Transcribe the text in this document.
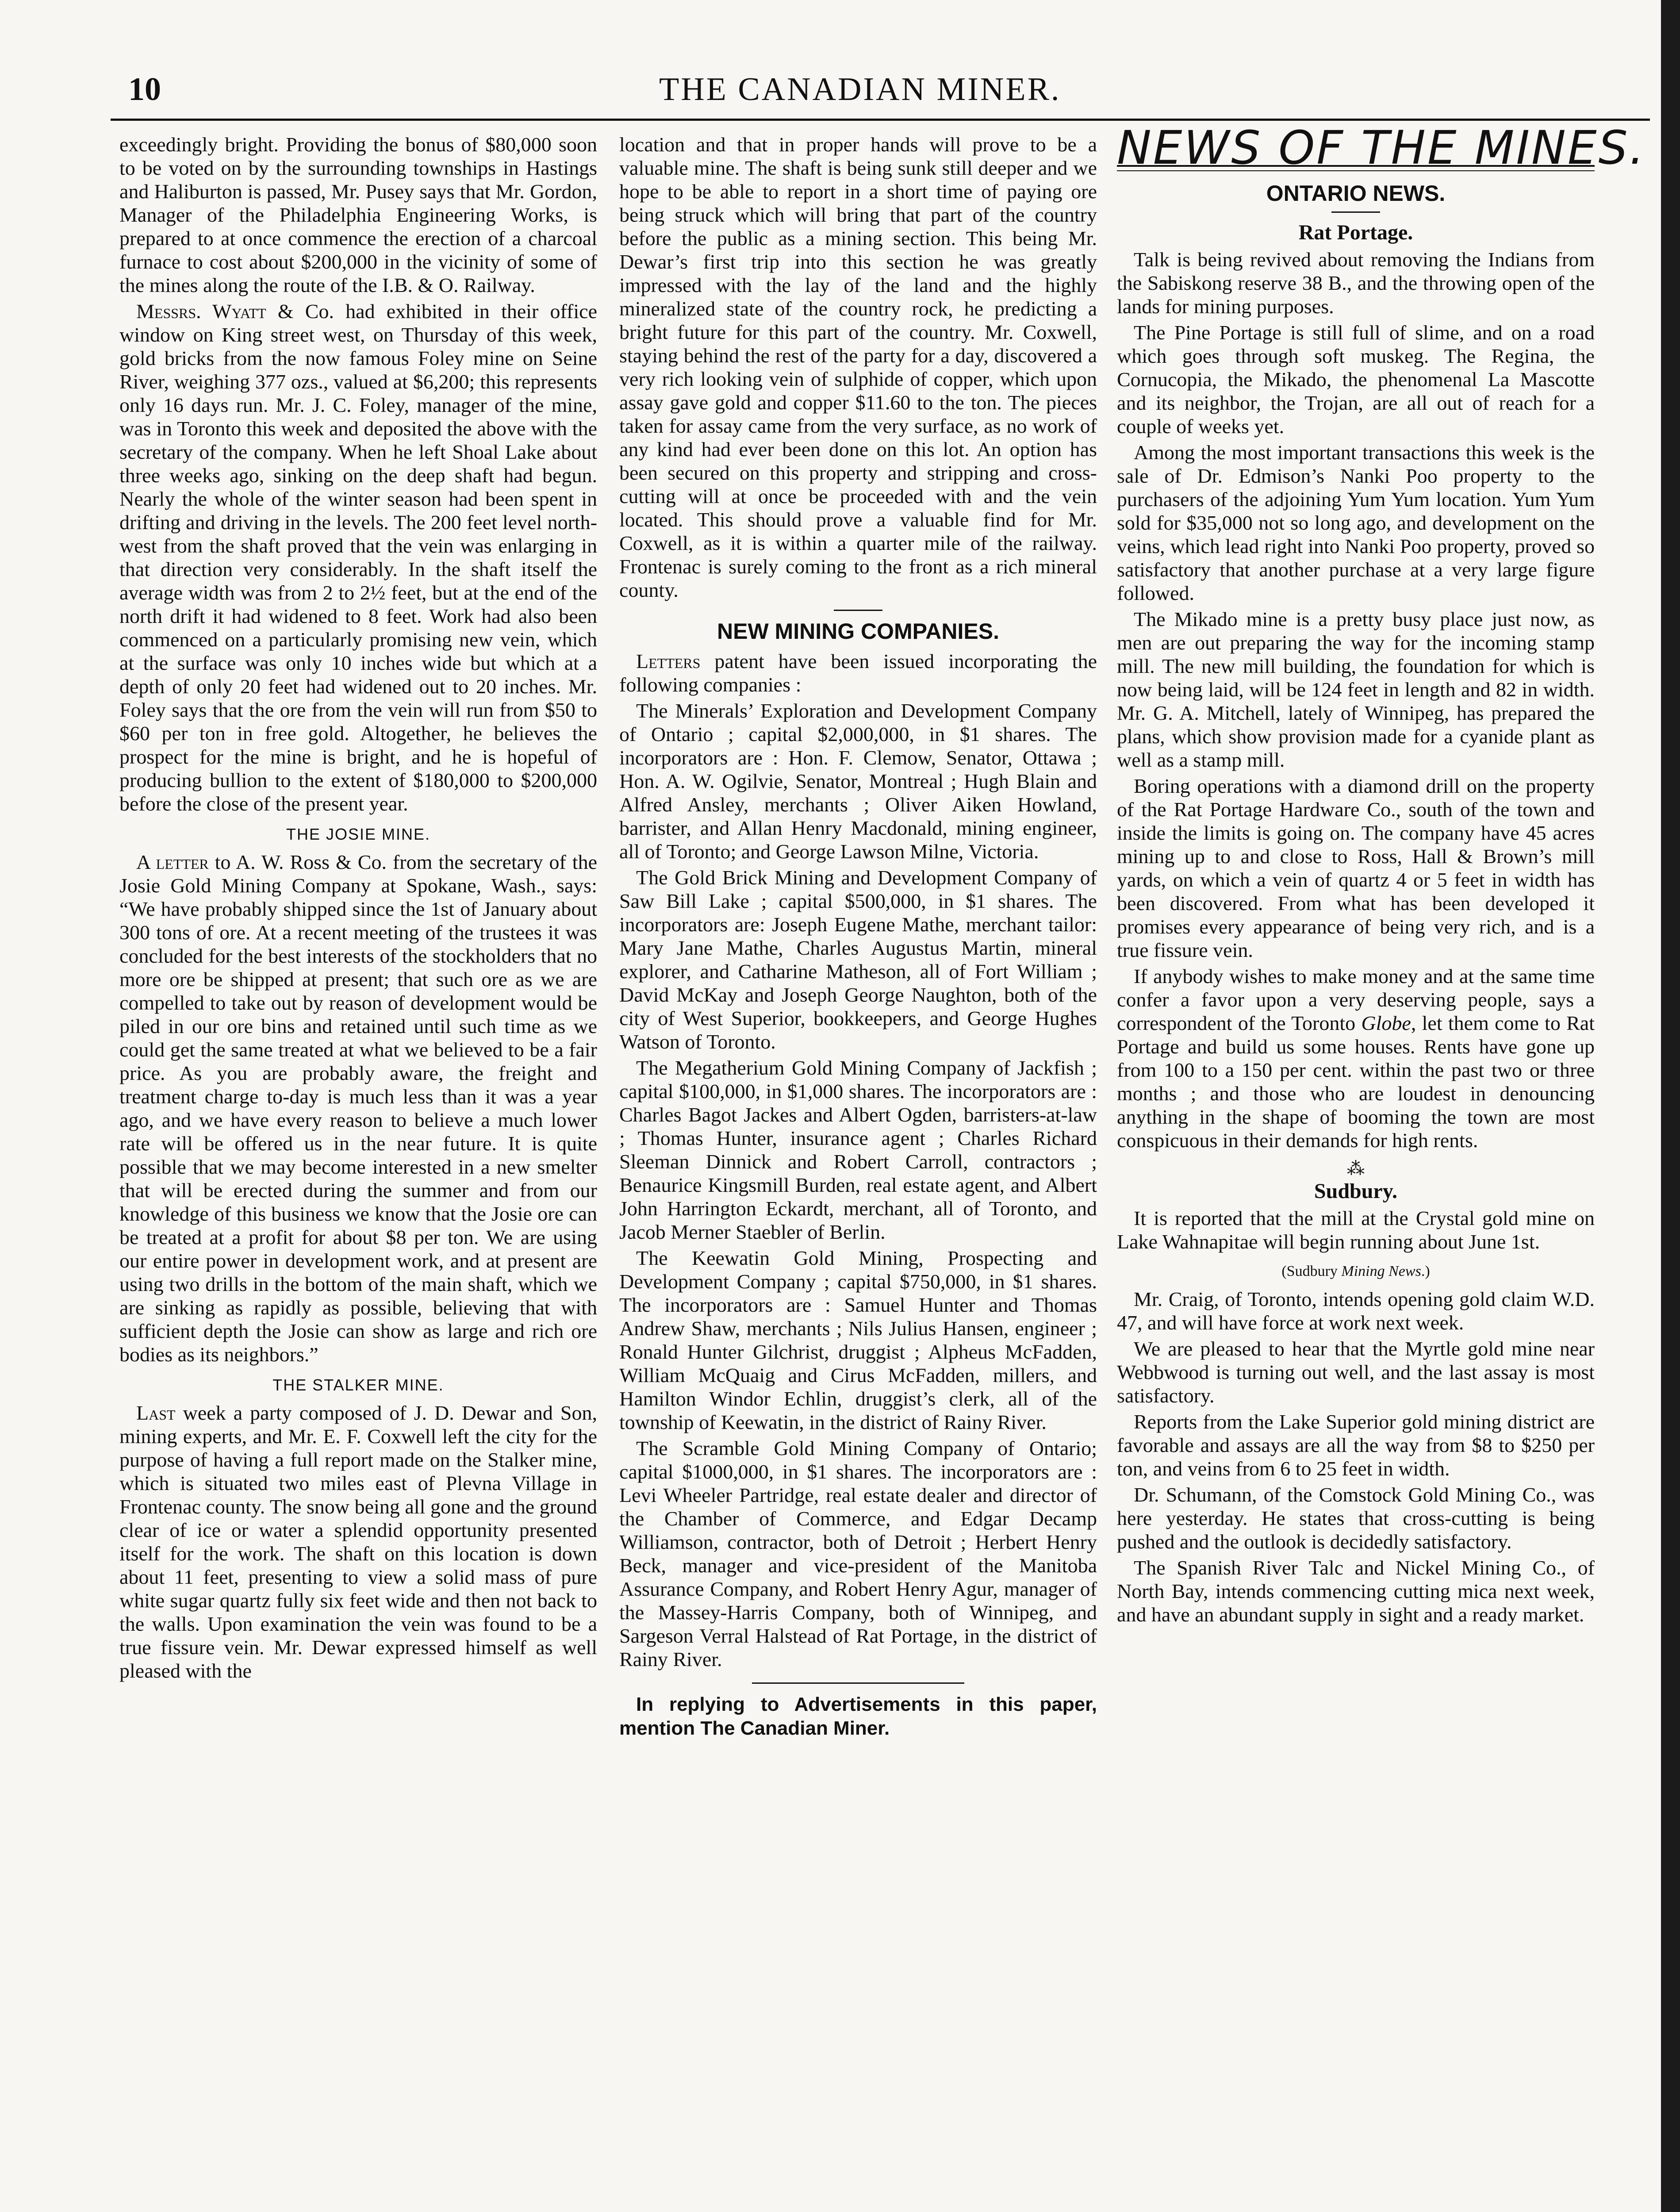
10	THE CANADIAN MINER.

exceedingly bright. Providing the bonus of $80,000 soon to be voted on by the surrounding townships in Hastings and Haliburton is passed, Mr. Pusey says that Mr. Gordon, Manager of the Philadelphia Engineering Works, is prepared to at once commence the erection of a charcoal furnace to cost about $200,000 in the vicinity of some of the mines along the route of the I.B. & O. Railway.

Messrs. Wyatt & Co. had exhibited in their office window on King street west, on Thursday of this week, gold bricks from the now famous Foley mine on Seine River, weighing 377 ozs., valued at $6,200; this represents only 16 days run. Mr. J. C. Foley, manager of the mine, was in Toronto this week and deposited the above with the secretary of the company. When he left Shoal Lake about three weeks ago, sinking on the deep shaft had begun. Nearly the whole of the winter season had been spent in drifting and driving in the levels. The 200 feet level north-west from the shaft proved that the vein was enlarging in that direction very considerably. In the shaft itself the average width was from 2 to 2½ feet, but at the end of the north drift it had widened to 8 feet. Work had also been commenced on a particularly promising new vein, which at the surface was only 10 inches wide but which at a depth of only 20 feet had widened out to 20 inches. Mr. Foley says that the ore from the vein will run from $50 to $60 per ton in free gold. Altogether, he believes the prospect for the mine is bright, and he is hopeful of producing bullion to the extent of $180,000 to $200,000 before the close of the present year.

THE JOSIE MINE.

A letter to A. W. Ross & Co. from the secretary of the Josie Gold Mining Company at Spokane, Wash., says: “We have probably shipped since the 1st of January about 300 tons of ore. At a recent meeting of the trustees it was concluded for the best interests of the stockholders that no more ore be shipped at present; that such ore as we are compelled to take out by reason of development would be piled in our ore bins and retained until such time as we could get the same treated at what we believed to be a fair price. As you are probably aware, the freight and treatment charge to-day is much less than it was a year ago, and we have every reason to believe a much lower rate will be offered us in the near future. It is quite possible that we may become interested in a new smelter that will be erected during the summer and from our knowledge of this business we know that the Josie ore can be treated at a profit for about $8 per ton. We are using our entire power in development work, and at present are using two drills in the bottom of the main shaft, which we are sinking as rapidly as possible, believing that with sufficient depth the Josie can show as large and rich ore bodies as its neighbors.”

THE STALKER MINE.

Last week a party composed of J. D. Dewar and Son, mining experts, and Mr. E. F. Coxwell left the city for the purpose of having a full report made on the Stalker mine, which is situated two miles east of Plevna Village in Frontenac county. The snow being all gone and the ground clear of ice or water a splendid opportunity presented itself for the work. The shaft on this location is down about 11 feet, presenting to view a solid mass of pure white sugar quartz fully six feet wide and then not back to the walls. Upon examination the vein was found to be a true fissure vein. Mr. Dewar expressed himself as well pleased with the

location and that in proper hands will prove to be a valuable mine. The shaft is being sunk still deeper and we hope to be able to report in a short time of paying ore being struck which will bring that part of the country before the public as a mining section. This being Mr. Dewar’s first trip into this section he was greatly impressed with the lay of the land and the highly mineralized state of the country rock, he predicting a bright future for this part of the country. Mr. Coxwell, staying behind the rest of the party for a day, discovered a very rich looking vein of sulphide of copper, which upon assay gave gold and copper $11.60 to the ton. The pieces taken for assay came from the very surface, as no work of any kind had ever been done on this lot. An option has been secured on this property and stripping and cross-cutting will at once be proceeded with and the vein located. This should prove a valuable find for Mr. Coxwell, as it is within a quarter mile of the railway. Frontenac is surely coming to the front as a rich mineral county.

NEW MINING COMPANIES.

Letters patent have been issued incorporating the following companies :

The Minerals’ Exploration and Development Company of Ontario ; capital $2,000,000, in $1 shares. The incorporators are : Hon. F. Clemow, Senator, Ottawa ; Hon. A. W. Ogilvie, Senator, Montreal ; Hugh Blain and Alfred Ansley, merchants ; Oliver Aiken Howland, barrister, and Allan Henry Macdonald, mining engineer, all of Toronto; and George Lawson Milne, Victoria.

The Gold Brick Mining and Development Company of Saw Bill Lake ; capital $500,000, in $1 shares. The incorporators are: Joseph Eugene Mathe, merchant tailor: Mary Jane Mathe, Charles Augustus Martin, mineral explorer, and Catharine Matheson, all of Fort William ; David McKay and Joseph George Naughton, both of the city of West Superior, bookkeepers, and George Hughes Watson of Toronto.

The Megatherium Gold Mining Company of Jackfish ; capital $100,000, in $1,000 shares. The incorporators are : Charles Bagot Jackes and Albert Ogden, barristers-at-law ; Thomas Hunter, insurance agent ; Charles Richard Sleeman Dinnick and Robert Carroll, contractors ; Benaurice Kingsmill Burden, real estate agent, and Albert John Harrington Eckardt, merchant, all of Toronto, and Jacob Merner Staebler of Berlin.

The Keewatin Gold Mining, Prospecting and Development Company ; capital $750,000, in $1 shares. The incorporators are : Samuel Hunter and Thomas Andrew Shaw, merchants ; Nils Julius Hansen, engineer ; Ronald Hunter Gilchrist, druggist ; Alpheus McFadden, William McQuaig and Cirus McFadden, millers, and Hamilton Windor Echlin, druggist’s clerk, all of the township of Keewatin, in the district of Rainy River.

The Scramble Gold Mining Company of Ontario; capital $1000,000, in $1 shares. The incorporators are : Levi Wheeler Partridge, real estate dealer and director of the Chamber of Commerce, and Edgar Decamp Williamson, contractor, both of Detroit ; Herbert Henry Beck, manager and vice-president of the Manitoba Assurance Company, and Robert Henry Agur, manager of the Massey-Harris Company, both of Winnipeg, and Sargeson Verral Halstead of Rat Portage, in the district of Rainy River.

In replying to Advertisements in this paper, mention The Canadian Miner.

NEWS OF THE MINES.
ONTARIO NEWS.
Rat Portage.

Talk is being revived about removing the Indians from the Sabiskong reserve 38 B., and the throwing open of the lands for mining purposes.

The Pine Portage is still full of slime, and on a road which goes through soft muskeg. The Regina, the Cornucopia, the Mikado, the phenomenal La Mascotte and its neighbor, the Trojan, are all out of reach for a couple of weeks yet.

Among the most important transactions this week is the sale of Dr. Edmison’s Nanki Poo property to the purchasers of the adjoining Yum Yum location. Yum Yum sold for $35,000 not so long ago, and development on the veins, which lead right into Nanki Poo property, proved so satisfactory that another purchase at a very large figure followed.

The Mikado mine is a pretty busy place just now, as men are out preparing the way for the incoming stamp mill. The new mill building, the foundation for which is now being laid, will be 124 feet in length and 82 in width. Mr. G. A. Mitchell, lately of Winnipeg, has prepared the plans, which show provision made for a cyanide plant as well as a stamp mill.

Boring operations with a diamond drill on the property of the Rat Portage Hardware Co., south of the town and inside the limits is going on. The company have 45 acres mining up to and close to Ross, Hall & Brown’s mill yards, on which a vein of quartz 4 or 5 feet in width has been discovered. From what has been developed it promises every appearance of being very rich, and is a true fissure vein.

If anybody wishes to make money and at the same time confer a favor upon a very deserving people, says a correspondent of the Toronto Globe, let them come to Rat Portage and build us some houses. Rents have gone up from 100 to a 150 per cent. within the past two or three months ; and those who are loudest in denouncing anything in the shape of booming the town are most conspicuous in their demands for high rents.

⁂
Sudbury.

It is reported that the mill at the Crystal gold mine on Lake Wahnapitae will begin running about June 1st.

(Sudbury Mining News.)

Mr. Craig, of Toronto, intends opening gold claim W.D. 47, and will have force at work next week.

We are pleased to hear that the Myrtle gold mine near Webbwood is turning out well, and the last assay is most satisfactory.

Reports from the Lake Superior gold mining district are favorable and assays are all the way from $8 to $250 per ton, and veins from 6 to 25 feet in width.

Dr. Schumann, of the Comstock Gold Mining Co., was here yesterday. He states that cross-cutting is being pushed and the outlook is decidedly satisfactory.

The Spanish River Talc and Nickel Mining Co., of North Bay, intends commencing cutting mica next week, and have an abundant supply in sight and a ready market.
